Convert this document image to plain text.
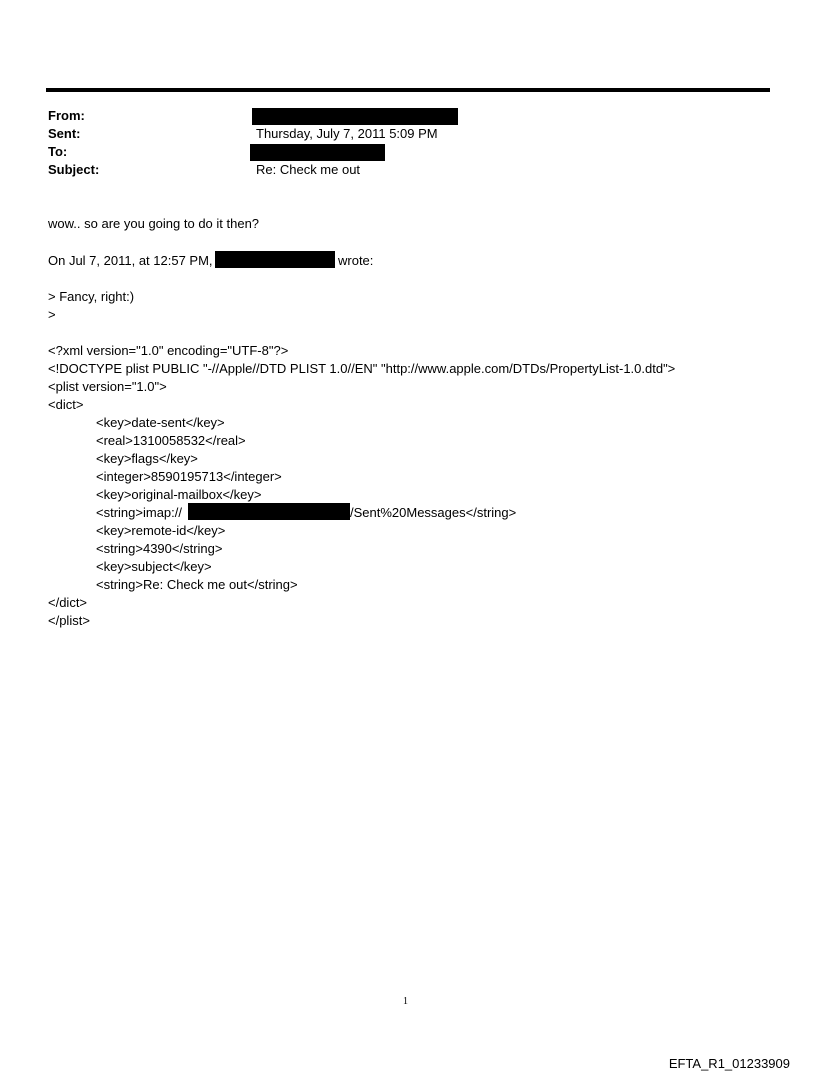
From:
Sent:	Thursday, July 7, 2011 5:09 PM
To:
Subject:	Re: Check me out
wow.. so are you going to do it then?
On Jul 7, 2011, at 12:57 PM,	wrote:
> Fancy, right:)
>
<?xml version="1.0" encoding="UTF-8"?>
<!DOCTYPE plist PUBLIC "-//Apple//DTD PLIST 1.0//EN" "http://www.apple.com/DTDs/PropertyList-1.0.dtd">
<plist version="1.0">
<dict>
<key>date-sent</key>
<real>1310058532</real>
<key>flags</key>
<integer>8590195713</integer>
<key>original-mailbox</key>
<string>imap://	/Sent%20Messages</string>
<key>remote-id</key>
<string>4390</string>
<key>subject</key>
<string>Re: Check me out</string>
</dict>
</plist>
1
EFTA_R1_01233909
